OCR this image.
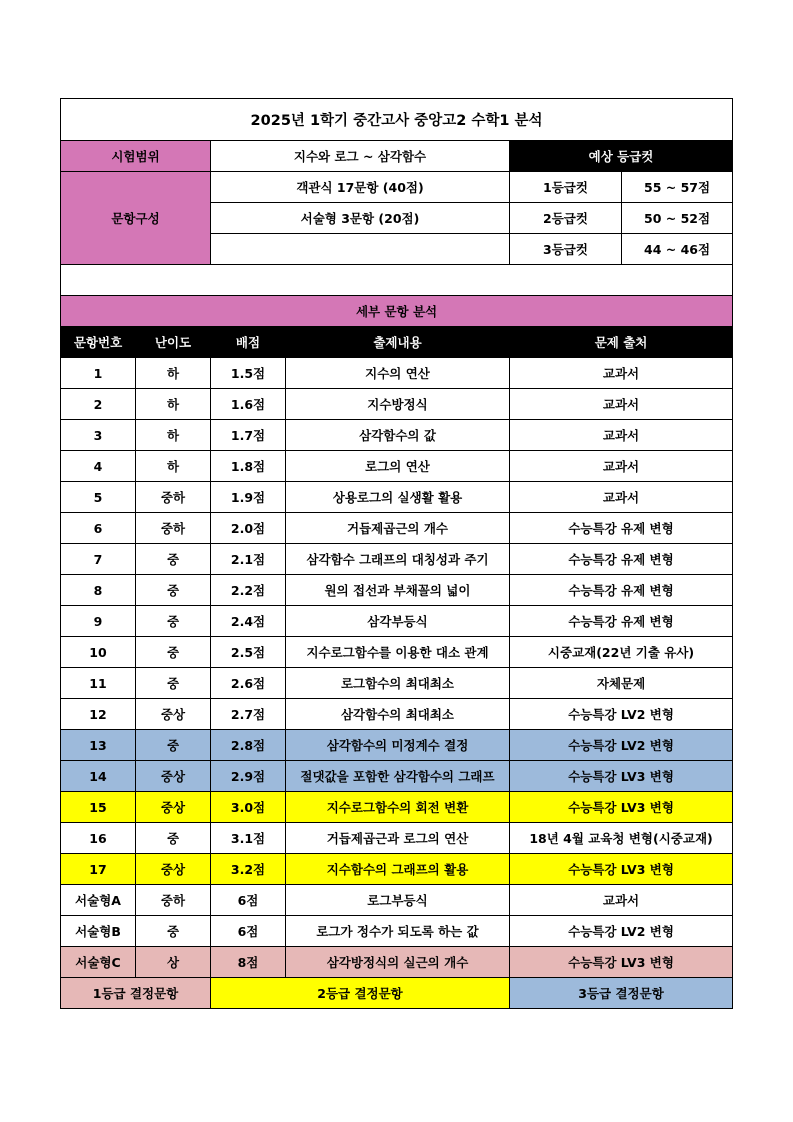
2025년 1학기 중간고사 중앙고2 수학1 분석					
시험범위		지수와 로그 ~ 삼각함수		예상 등급컷	
문항구성		객관식 17문항 (40점)		1등급컷	55 ~ 57점
		서술형 3문항 (20점)		2등급컷	50 ~ 52점
				3등급컷	44 ~ 46점

세부 문항 분석					
문항번호	난이도	배점	출제내용	문제 출처	
1	하	1.5점	지수의 연산	교과서	
2	하	1.6점	지수방정식	교과서	
3	하	1.7점	삼각함수의 값	교과서	
4	하	1.8점	로그의 연산	교과서	
5	중하	1.9점	상용로그의 실생활 활용	교과서	
6	중하	2.0점	거듭제곱근의 개수	수능특강 유제 변형	
7	중	2.1점	삼각함수 그래프의 대칭성과 주기	수능특강 유제 변형	
8	중	2.2점	원의 접선과 부채꼴의 넓이	수능특강 유제 변형	
9	중	2.4점	삼각부등식	수능특강 유제 변형	
10	중	2.5점	지수로그함수를 이용한 대소 관계	시중교재(22년 기출 유사)	
11	중	2.6점	로그함수의 최대최소	자체문제	
12	중상	2.7점	삼각함수의 최대최소	수능특강 LV2 변형	
13	중	2.8점	삼각함수의 미정계수 결정	수능특강 LV2 변형	
14	중상	2.9점	절댓값을 포함한 삼각함수의 그래프	수능특강 LV3 변형	
15	중상	3.0점	지수로그함수의 회전 변환	수능특강 LV3 변형	
16	중	3.1점	거듭제곱근과 로그의 연산	18년 4월 교육청 변형(시중교재)	
17	중상	3.2점	지수함수의 그래프의 활용	수능특강 LV3 변형	
서술형A	중하	6점	로그부등식	교과서	
서술형B	중	6점	로그가 정수가 되도록 하는 값	수능특강 LV2 변형	
서술형C	상	8점	삼각방정식의 실근의 개수	수능특강 LV3 변형	
1등급 결정문항		2등급 결정문항		3등급 결정문항	
